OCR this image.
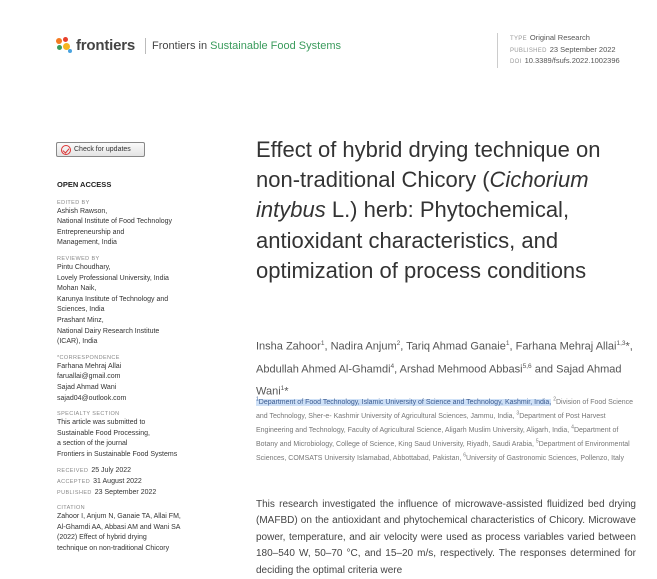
frontiers Frontiers in Sustainable Food Systems
TYPE Original Research
PUBLISHED 23 September 2022
DOI 10.3389/fsufs.2022.1002396
Check for updates
OPEN ACCESS
EDITED BY
Ashish Rawson,
National Institute of Food Technology
Entrepreneurship and
Management, India
REVIEWED BY
Pintu Choudhary,
Lovely Professional University, India
Mohan Naik,
Karunya Institute of Technology and
Sciences, India
Prashant Minz,
National Dairy Research Institute
(ICAR), India
*CORRESPONDENCE
Farhana Mehraj Allai
faruallai@gmail.com
Sajad Ahmad Wani
sajad04@outlook.com
SPECIALTY SECTION
This article was submitted to
Sustainable Food Processing,
a section of the journal
Frontiers in Sustainable Food Systems
RECEIVED 25 July 2022
ACCEPTED 31 August 2022
PUBLISHED 23 September 2022
CITATION
Zahoor I, Anjum N, Ganaie TA, Allai FM,
Al-Ghamdi AA, Abbasi AM and Wani SA
(2022) Effect of hybrid drying
technique on non-traditional Chicory
Effect of hybrid drying technique on non-traditional Chicory (Cichorium intybus L.) herb: Phytochemical, antioxidant characteristics, and optimization of process conditions
Insha Zahoor$^1$, Nadira Anjum$^2$, Tariq Ahmad Ganaie$^1$, Farhana Mehraj Allai$^{1,3}$*, Abdullah Ahmed Al-Ghamdi$^4$, Arshad Mehmood Abbasi$^{5,6}$ and Sajad Ahmad Wani$^1$*
$^1$Department of Food Technology, Islamic University of Science and Technology, Kashmir, India, $^2$Division of Food Science and Technology, Sher-e- Kashmir University of Agricultural Sciences, Jammu, India, $^3$Department of Post Harvest Engineering and Technology, Faculty of Agricultural Science, Aligarh Muslim University, Aligarh, India, $^4$Department of Botany and Microbiology, College of Science, King Saud University, Riyadh, Saudi Arabia, $^5$Department of Environmental Sciences, COMSATS University Islamabad, Abbottabad, Pakistan, $^6$University of Gastronomic Sciences, Pollenzo, Italy
This research investigated the influence of microwave-assisted fluidized bed drying (MAFBD) on the antioxidant and phytochemical characteristics of Chicory. Microwave power, temperature, and air velocity were used as process variables varied between 180–540 W, 50–70 °C, and 15–20 m/s, respectively. The responses determined for deciding the optimal criteria were
